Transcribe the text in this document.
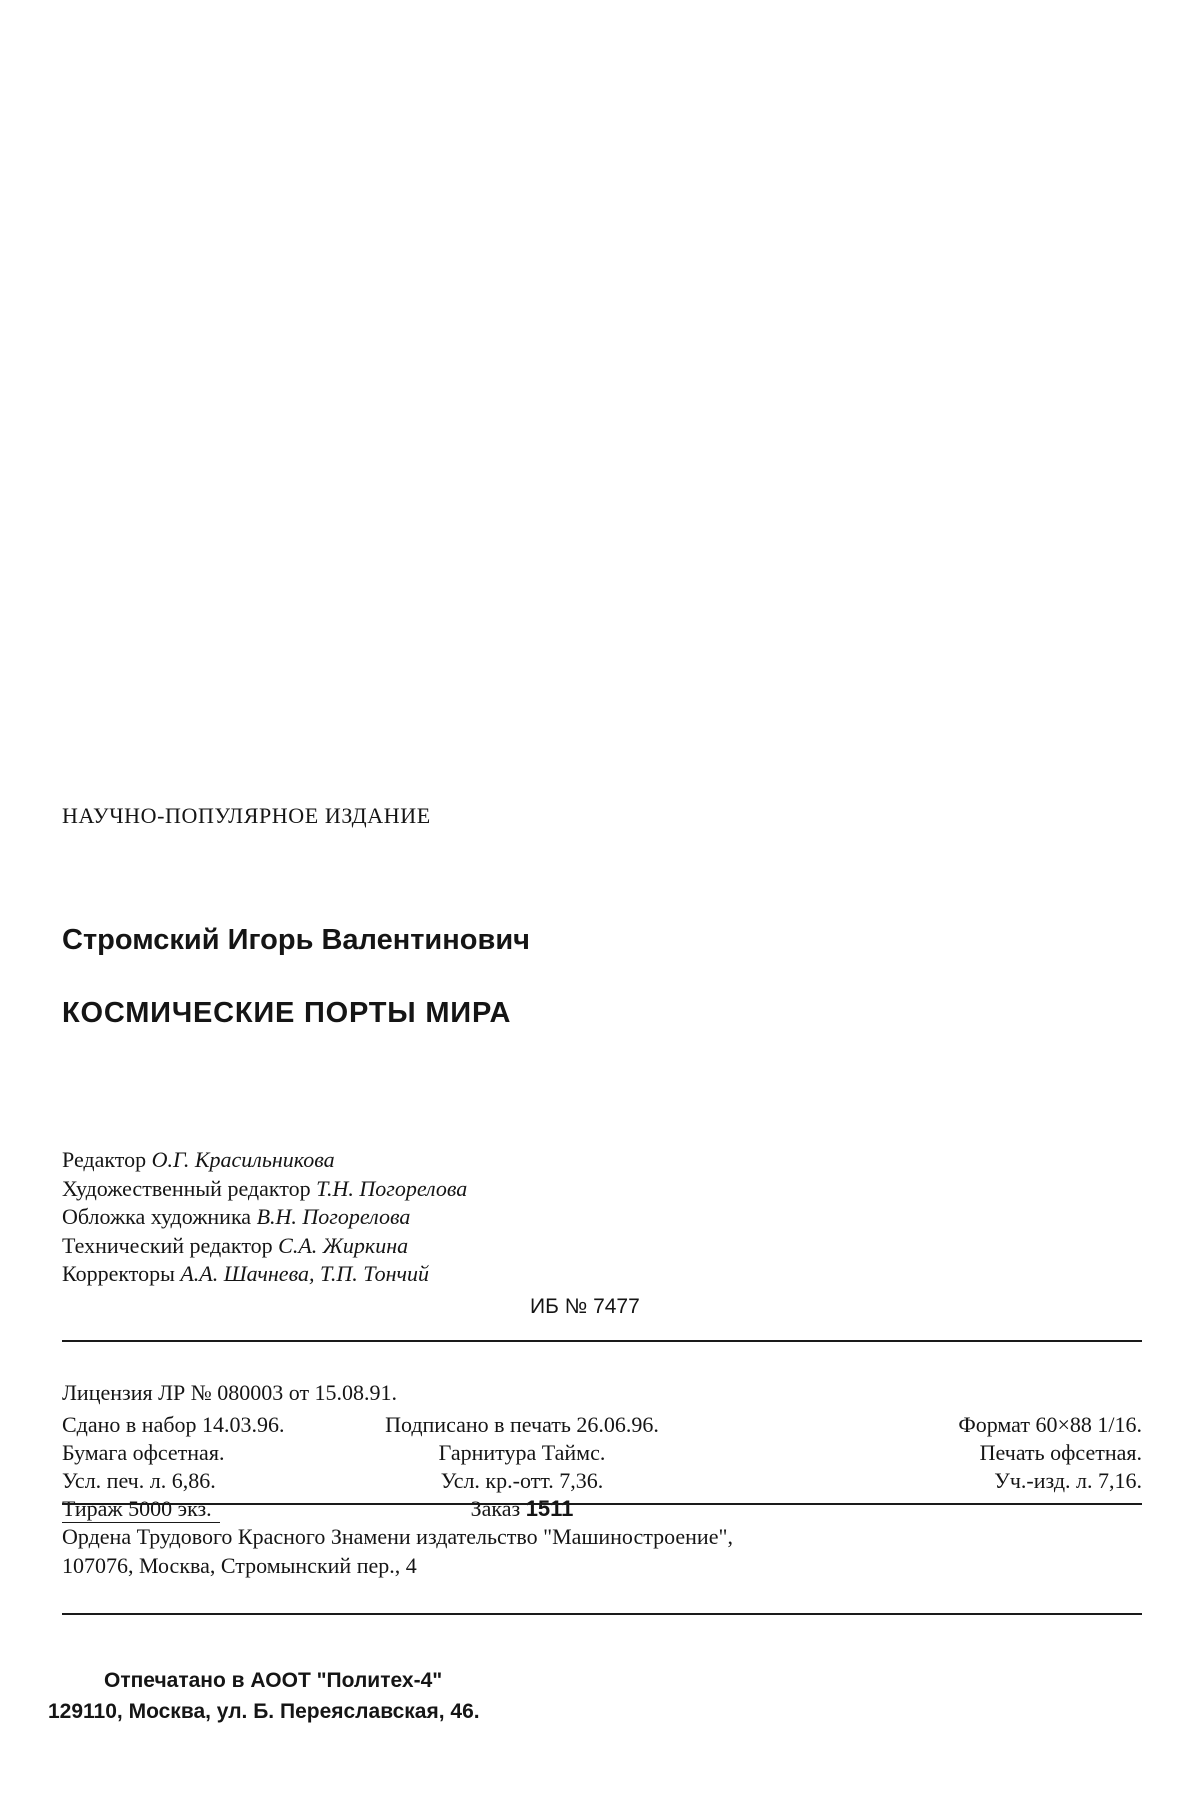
НАУЧНО-ПОПУЛЯРНОЕ ИЗДАНИЕ
Стромский Игорь Валентинович
КОСМИЧЕСКИЕ ПОРТЫ МИРА
Редактор О.Г. Красильникова
Художественный редактор Т.Н. Погорелова
Обложка художника В.Н. Погорелова
Технический редактор С.А. Жиркина
Корректоры А.А. Шачнева, Т.П. Тончий
ИБ № 7477
Лицензия ЛР № 080003 от 15.08.91.
Сдано в набор 14.03.96.	Подписано в печать 26.06.96.	Формат 60×88 1/16.
Бумага офсетная.	Гарнитура Таймс.	Печать офсетная.
Усл. печ. л. 6,86.	Усл. кр.-отт. 7,36.	Уч.-изд. л. 7,16.
Тираж 5000 экз.	Заказ 1511
Ордена Трудового Красного Знамени издательство "Машиностроение",
107076, Москва, Стромынский пер., 4
Отпечатано в АООТ "Политех-4"
129110, Москва, ул. Б. Переяславская, 46.
